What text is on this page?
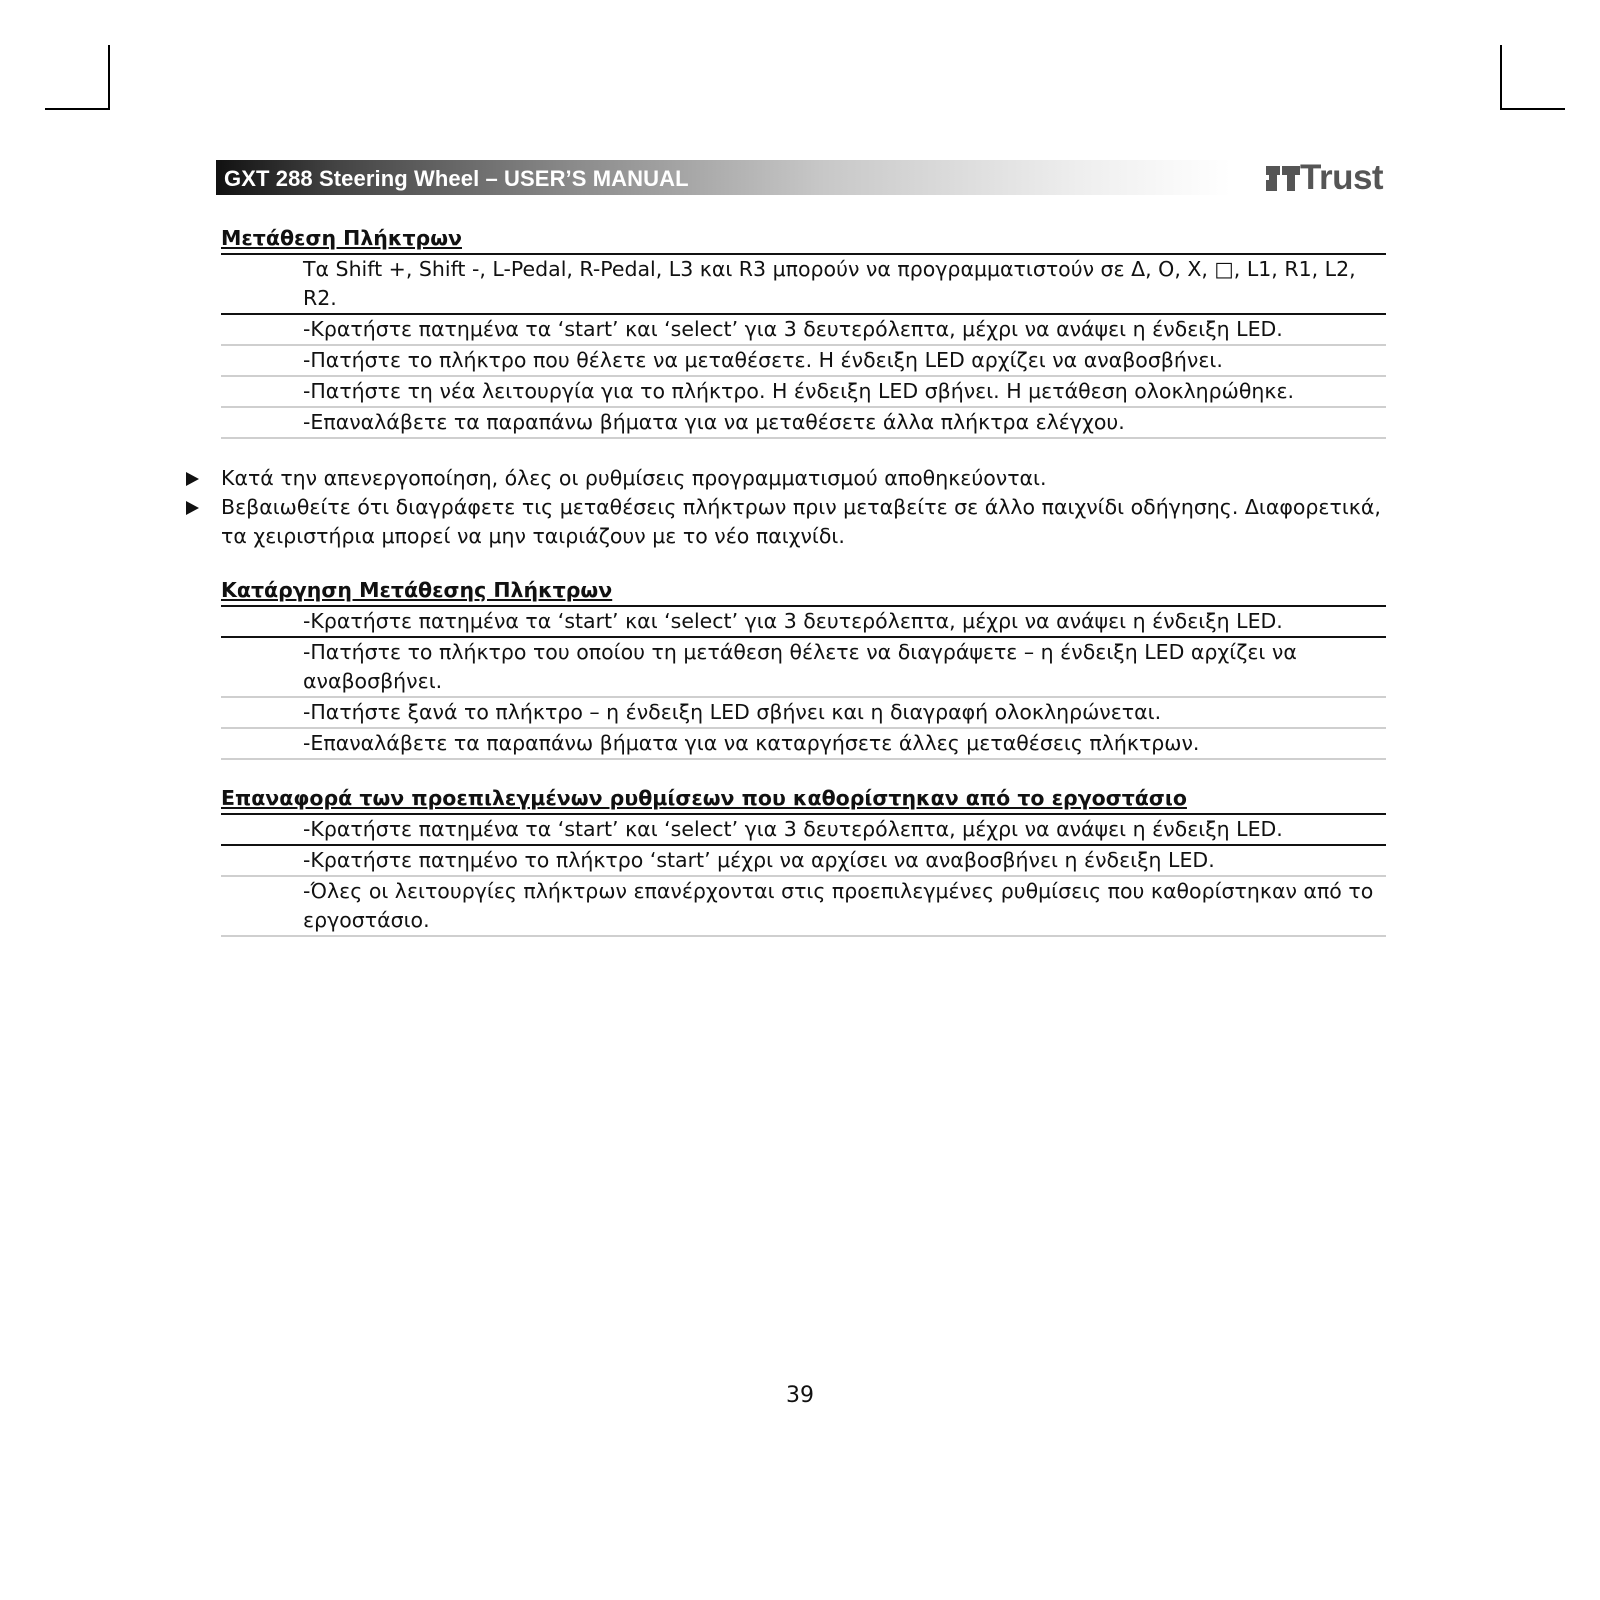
GXT 288 Steering Wheel – USER’S MANUAL	Trust
Μετάθεση Πλήκτρων
Τα Shift +, Shift -, L-Pedal, R-Pedal, L3 και R3 μπορούν να προγραμματιστούν σε Δ, Ο, Χ, □, L1, R1, L2, R2.
-Κρατήστε πατημένα τα ‘start’ και ‘select’ για 3 δευτερόλεπτα, μέχρι να ανάψει η ένδειξη LED.
-Πατήστε το πλήκτρο που θέλετε να μεταθέσετε. Η ένδειξη LED αρχίζει να αναβοσβήνει.
-Πατήστε τη νέα λειτουργία για το πλήκτρο. Η ένδειξη LED σβήνει. Η μετάθεση ολοκληρώθηκε.
-Επαναλάβετε τα παραπάνω βήματα για να μεταθέσετε άλλα πλήκτρα ελέγχου.
Κατά την απενεργοποίηση, όλες οι ρυθμίσεις προγραμματισμού αποθηκεύονται.
Βεβαιωθείτε ότι διαγράφετε τις μεταθέσεις πλήκτρων πριν μεταβείτε σε άλλο παιχνίδι οδήγησης. Διαφορετικά, τα χειριστήρια μπορεί να μην ταιριάζουν με το νέο παιχνίδι.
Κατάργηση Μετάθεσης Πλήκτρων
-Κρατήστε πατημένα τα ‘start’ και ‘select’ για 3 δευτερόλεπτα, μέχρι να ανάψει η ένδειξη LED.
-Πατήστε το πλήκτρο του οποίου τη μετάθεση θέλετε να διαγράψετε – η ένδειξη LED αρχίζει να αναβοσβήνει.
-Πατήστε ξανά το πλήκτρο – η ένδειξη LED σβήνει και η διαγραφή ολοκληρώνεται.
-Επαναλάβετε τα παραπάνω βήματα για να καταργήσετε άλλες μεταθέσεις πλήκτρων.
Επαναφορά των προεπιλεγμένων ρυθμίσεων που καθορίστηκαν από το εργοστάσιο
-Κρατήστε πατημένα τα ‘start’ και ‘select’ για 3 δευτερόλεπτα, μέχρι να ανάψει η ένδειξη LED.
-Κρατήστε πατημένο το πλήκτρο ‘start’ μέχρι να αρχίσει να αναβοσβήνει η ένδειξη LED.
-Όλες οι λειτουργίες πλήκτρων επανέρχονται στις προεπιλεγμένες ρυθμίσεις που καθορίστηκαν από το εργοστάσιο.
39
